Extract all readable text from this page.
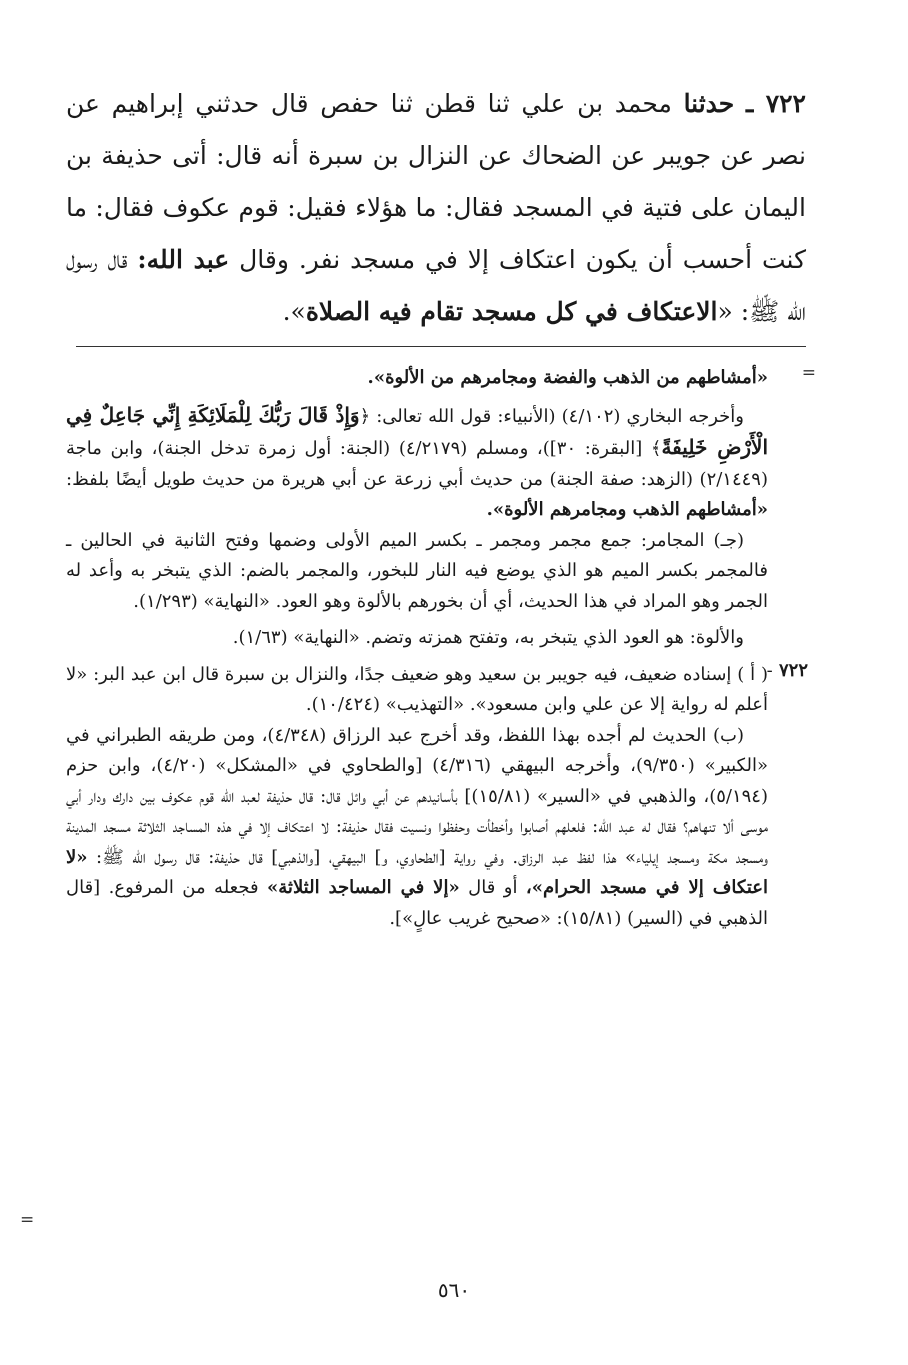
٧٢٢ ـ حدثنا محمد بن علي ثنا قطن ثنا حفص قال حدثني إبراهيم عن نصر عن جويبر عن الضحاك عن النزال بن سبرة أنه قال: أتى حذيفة بن اليمان على فتية في المسجد فقال: ما هؤلاء فقيل: قوم عكوف فقال: ما كنت أحسب أن يكون اعتكاف إلا في مسجد نفر. وقال عبد الله: قال رسول الله ﷺ: «الاعتكاف في كل مسجد تقام فيه الصلاة».

=

«أمشاطهم من الذهب والفضة ومجامرهم من الألوة».

وأخرجه البخاري (٤/١٠٢) (الأنبياء: قول الله تعالى: ﴿وَإِذْ قَالَ رَبُّكَ لِلْمَلَائِكَةِ إِنِّي جَاعِلٌ فِي الْأَرْضِ خَلِيفَةً﴾ [البقرة: ٣٠])، ومسلم (٤/٢١٧٩) (الجنة: أول زمرة تدخل الجنة)، وابن ماجة (٢/١٤٤٩) (الزهد: صفة الجنة) من حديث أبي زرعة عن أبي هريرة من حديث طويل أيضًا بلفظ: «أمشاطهم الذهب ومجامرهم الألوة».

(جـ) المجامر: جمع مجمر ومجمر ـ بكسر الميم الأولى وضمها وفتح الثانية في الحالين ـ فالمجمر بكسر الميم هو الذي يوضع فيه النار للبخور، والمجمر بالضم: الذي يتبخر به وأعد له الجمر وهو المراد في هذا الحديث، أي أن بخورهم بالألوة وهو العود. «النهاية» (١/٢٩٣).

والألوة: هو العود الذي يتبخر به، وتفتح همزته وتضم. «النهاية» (١/٦٣).

٧٢٢ -

( أ ) إسناده ضعيف، فيه جويبر بن سعيد وهو ضعيف جدًا، والنزال بن سبرة قال ابن عبد البر: «لا أعلم له رواية إلا عن علي وابن مسعود». «التهذيب» (١٠/٤٢٤).

(ب) الحديث لم أجده بهذا اللفظ، وقد أخرج عبد الرزاق (٤/٣٤٨)، ومن طريقه الطبراني في «الكبير» (٩/٣٥٠)، وأخرجه البيهقي (٤/٣١٦) [والطحاوي في «المشكل» (٤/٢٠)، وابن حزم (٥/١٩٤)، والذهبي في «السير» (١٥/٨١)] بأسانيدهم عن أبي وائل قال: قال حذيفة لعبد الله قوم عكوف بين دارك ودار أبي موسى ألا تنهاهم؟ فقال له عبد الله: فلعلهم أصابوا وأخطأت وحفظوا ونسيت فقال حذيفة: لا اعتكاف إلا في هذه المساجد الثلاثة مسجد المدينة ومسجد مكة ومسجد إيلياء» هذا لفظ عبد الرزاق. وفي رواية [الطحاوي، و] البيهقي، [والذهبي] قال حذيفة: قال رسول الله ﷺ: «لا اعتكاف إلا في مسجد الحرام»، أو قال «إلا في المساجد الثلاثة» فجعله من المرفوع. [قال الذهبي في (السير) (١٥/٨١): «صحيح غريب عالٍ»].

=
٥٦٠
